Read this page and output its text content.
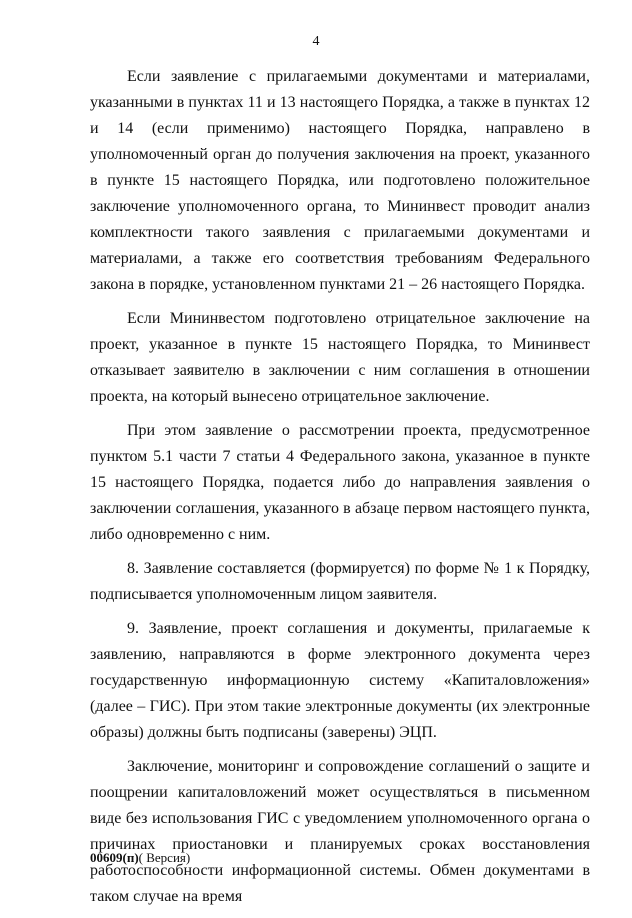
4

Если заявление с прилагаемыми документами и материалами, указанными в пунктах 11 и 13 настоящего Порядка, а также в пунктах 12 и 14 (если применимо) настоящего Порядка, направлено в уполномоченный орган до получения заключения на проект, указанного в пункте 15 настоящего Порядка, или подготовлено положительное заключение уполномоченного органа, то Мининвест проводит анализ комплектности такого заявления с прилагаемыми документами и материалами, а также его соответствия требованиям Федерального закона в порядке, установленном пунктами 21 – 26 настоящего Порядка.

Если Мининвестом подготовлено отрицательное заключение на проект, указанное в пункте 15 настоящего Порядка, то Мининвест отказывает заявителю в заключении с ним соглашения в отношении проекта, на который вынесено отрицательное заключение.

При этом заявление о рассмотрении проекта, предусмотренное пунктом 5.1 части 7 статьи 4 Федерального закона, указанное в пункте 15 настоящего Порядка, подается либо до направления заявления о заключении соглашения, указанного в абзаце первом настоящего пункта, либо одновременно с ним.

8. Заявление составляется (формируется) по форме № 1 к Порядку, подписывается уполномоченным лицом заявителя.

9. Заявление, проект соглашения и документы, прилагаемые к заявлению, направляются в форме электронного документа через государственную информационную систему «Капиталовложения» (далее – ГИС). При этом такие электронные документы (их электронные образы) должны быть подписаны (заверены) ЭЦП.

Заключение, мониторинг и сопровождение соглашений о защите и поощрении капиталовложений может осуществляться в письменном виде без использования ГИС с уведомлением уполномоченного органа о причинах приостановки и планируемых сроках восстановления работоспособности информационной системы. Обмен документами в таком случае на время

00609(п)( Версия)
